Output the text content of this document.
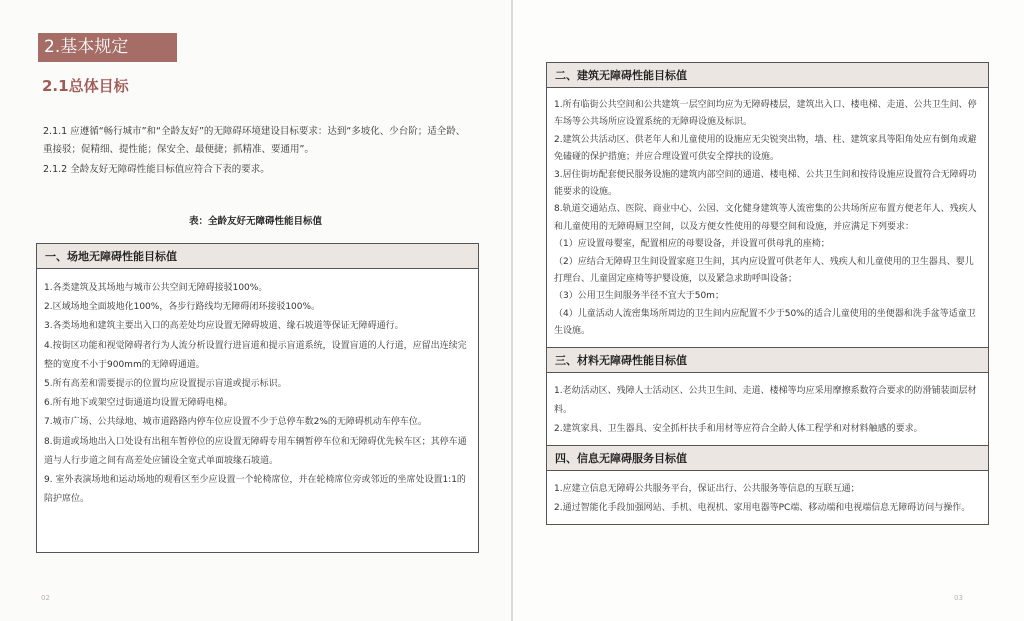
2.基本规定
2.1总体目标
2.1.1 应遵循“畅行城市”和“全龄友好”的无障碍环境建设目标要求：达到“多坡化、少台阶；适全龄、重接驳；促精细、提性能；保安全、最便捷；抓精准、要通用”。
2.1.2 全龄友好无障碍性能目标值应符合下表的要求。
表：全龄友好无障碍性能目标值
一、场地无障碍性能目标值

1.各类建筑及其场地与城市公共空间无障碍接驳100%。

2.区域场地全面坡地化100%，各步行路线均无障碍闭环接驳100%。

3.各类场地和建筑主要出入口的高差处均应设置无障碍坡道、缘石坡道等保证无障碍通行。

4.按街区功能和视觉障碍者行为人流分析设置行进盲道和提示盲道系统，设置盲道的人行道，应留出连续完整的宽度不小于900mm的无障碍通道。

5.所有高差和需要提示的位置均应设置提示盲道或提示标识。

6.所有地下或架空过街通道均设置无障碍电梯。

7.城市广场、公共绿地、城市道路路内停车位应设置不少于总停车数2%的无障碍机动车停车位。

8.街道或场地出入口处设有出租车暂停位的应设置无障碍专用车辆暂停车位和无障碍优先候车区；其停车通道与人行步道之间有高差处应铺设全宽式单面坡缘石坡道。

9. 室外表演场地和运动场地的观看区至少应设置一个轮椅席位，并在轮椅席位旁或邻近的坐席处设置1:1的陪护席位。

02	03
二、建筑无障碍性能目标值

1.所有临街公共空间和公共建筑一层空间均应为无障碍楼层，建筑出入口、楼电梯、走道、公共卫生间、停车场等公共场所应设置系统的无障碍设施及标识。

2.建筑公共活动区、供老年人和儿童使用的设施应无尖锐突出物，墙、柱、建筑家具等阳角处应有倒角或避免磕碰的保护措施；并应合理设置可供安全撑扶的设施。

3.居住街坊配套便民服务设施的建筑内部空间的通道、楼电梯、公共卫生间和按待设施应设置符合无障碍功能要求的设施。

8.轨道交通站点、医院、商业中心、公园、文化健身建筑等人流密集的公共场所应布置方便老年人、残疾人和儿童使用的无障碍厕卫空间，以及方便女性使用的母婴空间和设施，并应满足下列要求：

（1）应设置母婴室，配置相应的母婴设备，并设置可供母乳的座椅；

（2）应结合无障碍卫生间设置家庭卫生间，其内应设置可供老年人、残疾人和儿童使用的卫生器具、婴儿打理台、儿童固定座椅等护婴设施，以及紧急求助呼叫设备；

（3）公用卫生间服务半径不宜大于50m；

（4）儿童活动人流密集场所周边的卫生间内应配置不少于50%的适合儿童使用的坐便器和洗手盆等适童卫生设施。

三、材料无障碍性能目标值

1.老幼活动区、残障人士活动区、公共卫生间、走道、楼梯等均应采用摩擦系数符合要求的防滑铺装面层材料。

2.建筑家具、卫生器具、安全抓杆扶手和用材等应符合全龄人体工程学和对材料触感的要求。

四、信息无障碍服务目标值

1.应建立信息无障碍公共服务平台，保证出行、公共服务等信息的互联互通；

2.通过智能化手段加强网站、手机、电视机、家用电器等PC端、移动端和电视端信息无障碍访问与操作。
